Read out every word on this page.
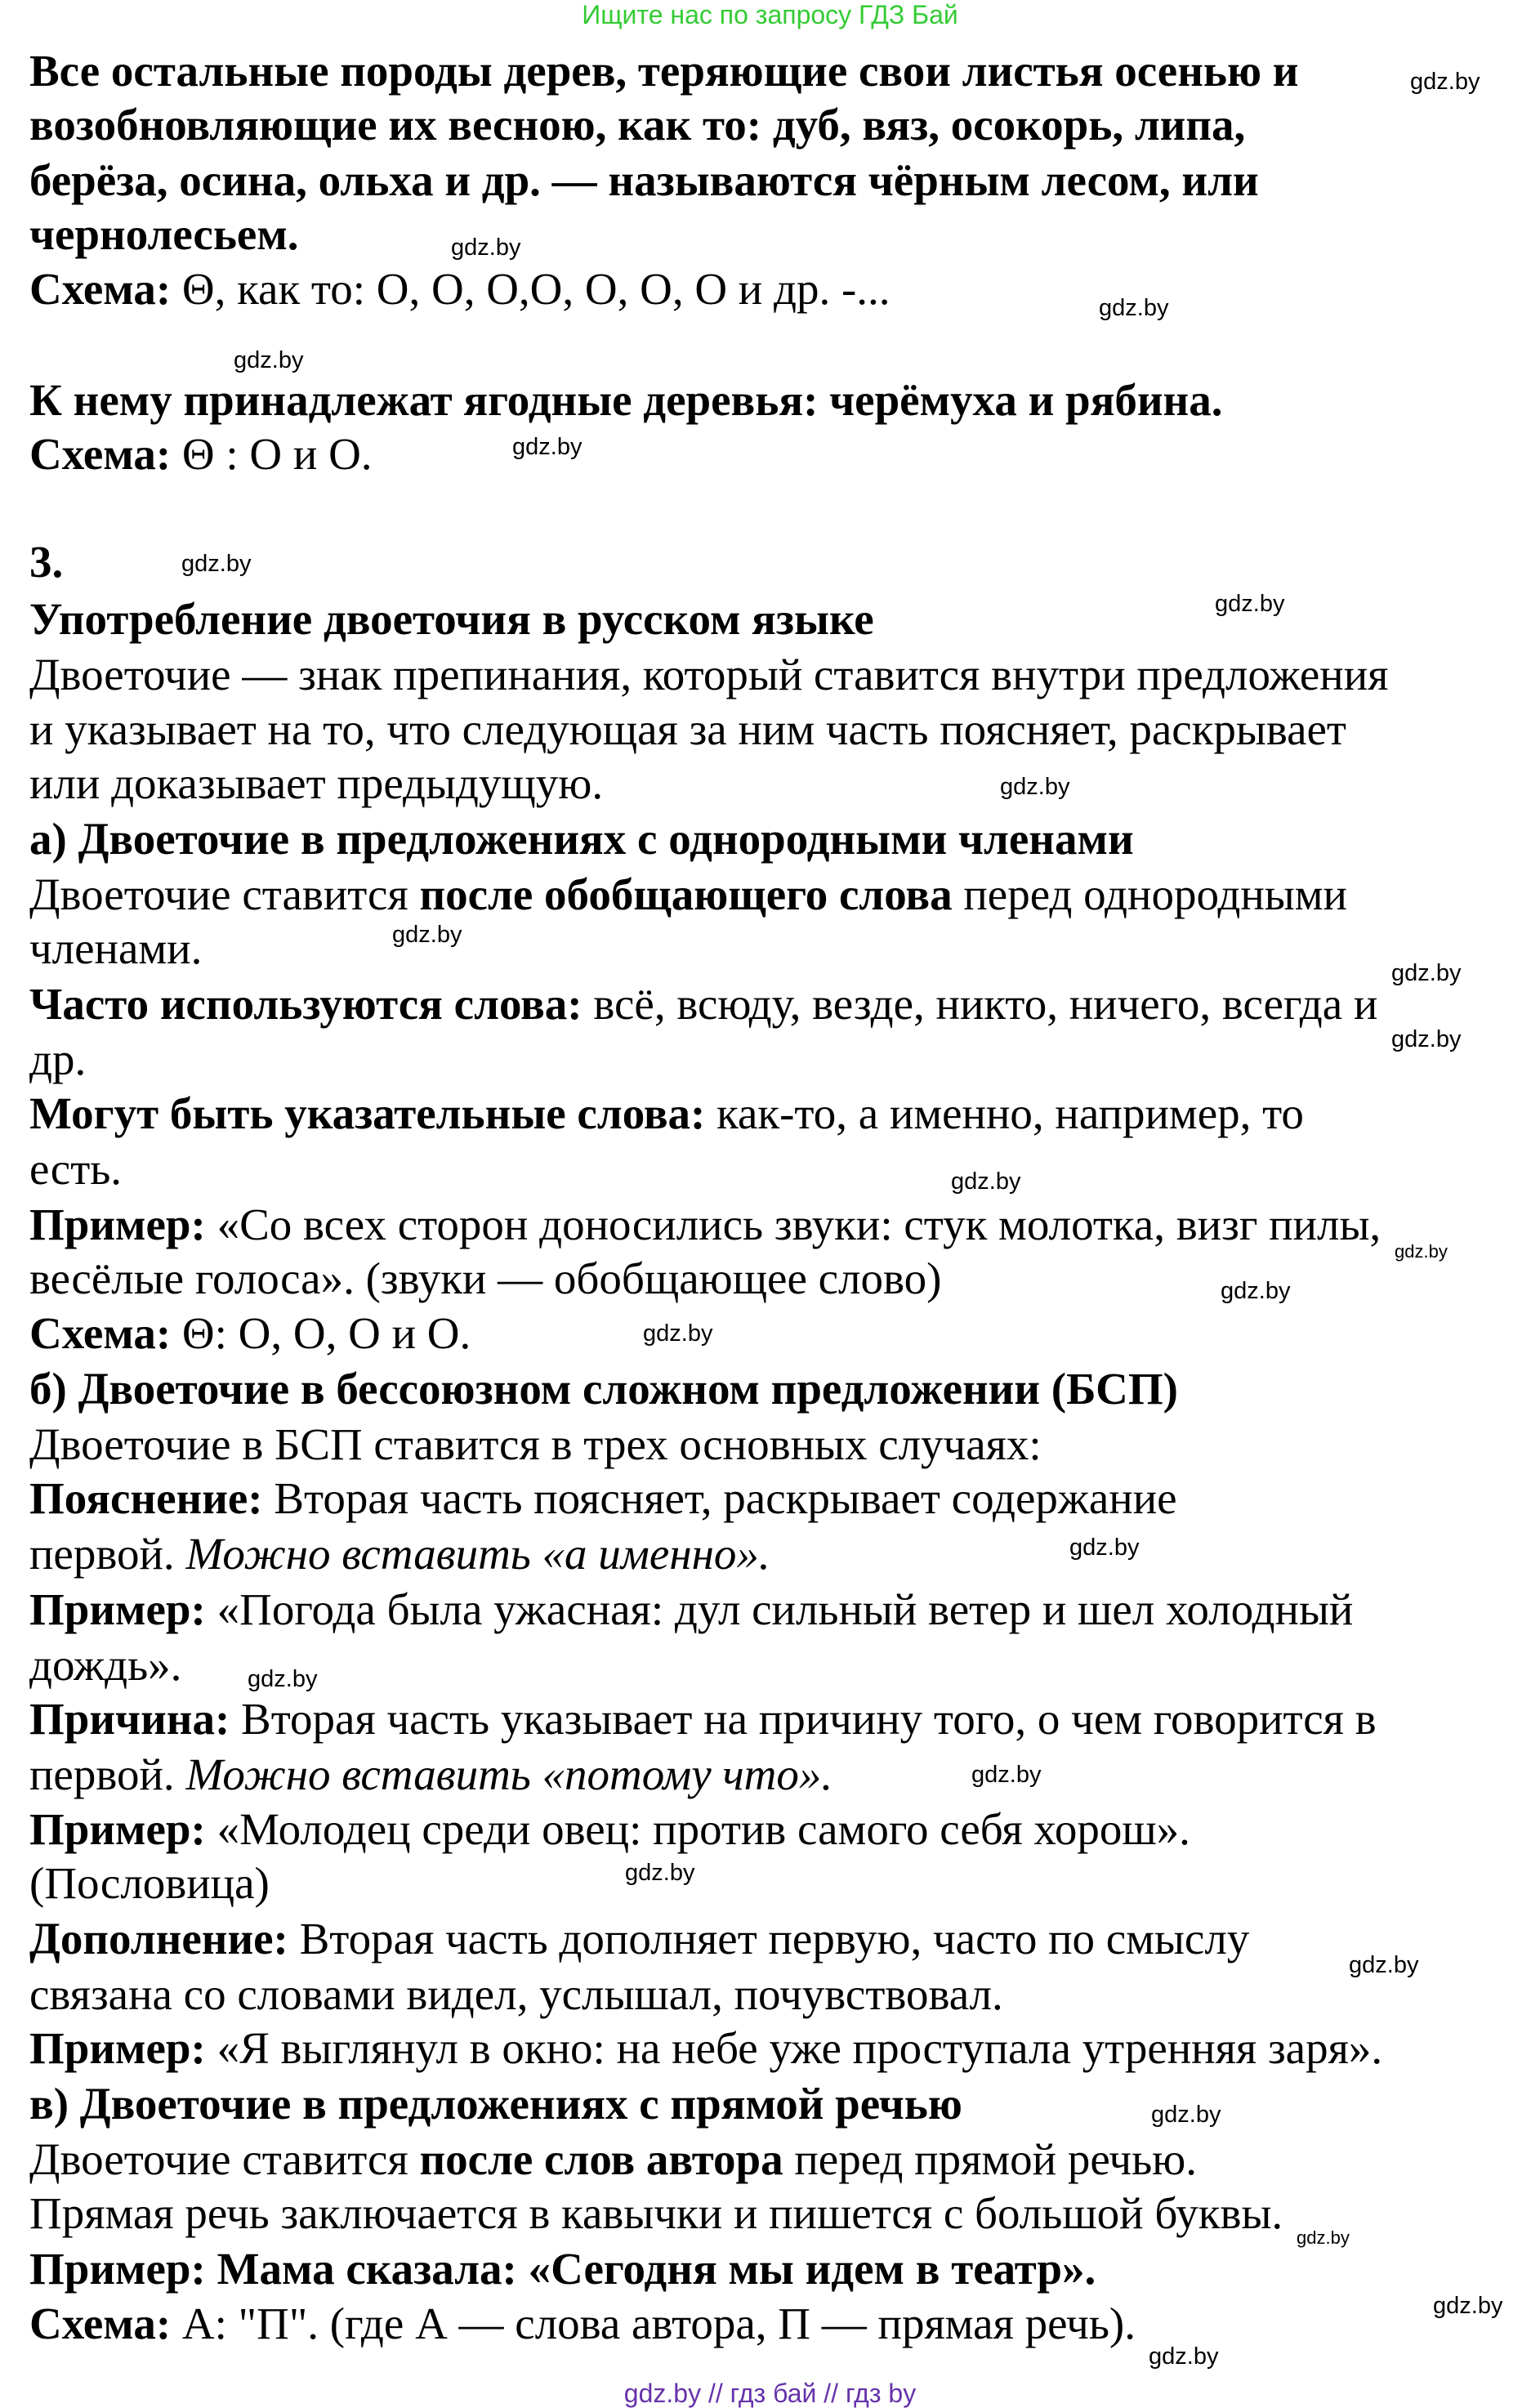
Ищите нас по запросу ГДЗ Бай
Все остальные породы дерев, теряющие свои листья осенью и
возобновляющие их весною, как то: дуб, вяз, осокорь, липа,
берёза, осина, ольха и др. — называются чёрным лесом, или
чернолесьем.
Схема: Θ, как то: О, О, О,О, О, О, О и др. -...
К нему принадлежат ягодные деревья: черёмуха и рябина.
Схема: Θ : О и О.
3.
Употребление двоеточия в русском языке
Двоеточие — знак препинания, который ставится внутри предложения
и указывает на то, что следующая за ним часть поясняет, раскрывает
или доказывает предыдущую.
а) Двоеточие в предложениях с однородными членами
Двоеточие ставится после обобщающего слова перед однородными
членами.
Часто используются слова: всё, всюду, везде, никто, ничего, всегда и
др.
Могут быть указательные слова: как-то, а именно, например, то
есть.
Пример: «Со всех сторон доносились звуки: стук молотка, визг пилы,
весёлые голоса». (звуки — обобщающее слово)
Схема: Θ: О, О, О и О.
б) Двоеточие в бессоюзном сложном предложении (БСП)
Двоеточие в БСП ставится в трех основных случаях:
Пояснение: Вторая часть поясняет, раскрывает содержание
первой. Можно вставить «а именно».
Пример: «Погода была ужасная: дул сильный ветер и шел холодный
дождь».
Причина: Вторая часть указывает на причину того, о чем говорится в
первой. Можно вставить «потому что».
Пример: «Молодец среди овец: против самого себя хорош».
(Пословица)
Дополнение: Вторая часть дополняет первую, часто по смыслу
связана со словами видел, услышал, почувствовал.
Пример: «Я выглянул в окно: на небе уже проступала утренняя заря».
в) Двоеточие в предложениях с прямой речью
Двоеточие ставится после слов автора перед прямой речью.
Прямая речь заключается в кавычки и пишется с большой буквы.
Пример: Мама сказала: «Сегодня мы идем в театр».
Схема: А: "П". (где А — слова автора, П — прямая речь).
gdz.by // гдз бай // гдз by
gdz.by
gdz.by
gdz.by
gdz.by
gdz.by
gdz.by
gdz.by
gdz.by
gdz.by
gdz.by
gdz.by
gdz.by
gdz.by
gdz.by
gdz.by
gdz.by
gdz.by
gdz.by
gdz.by
gdz.by
gdz.by
gdz.by
gdz.by
gdz.by
